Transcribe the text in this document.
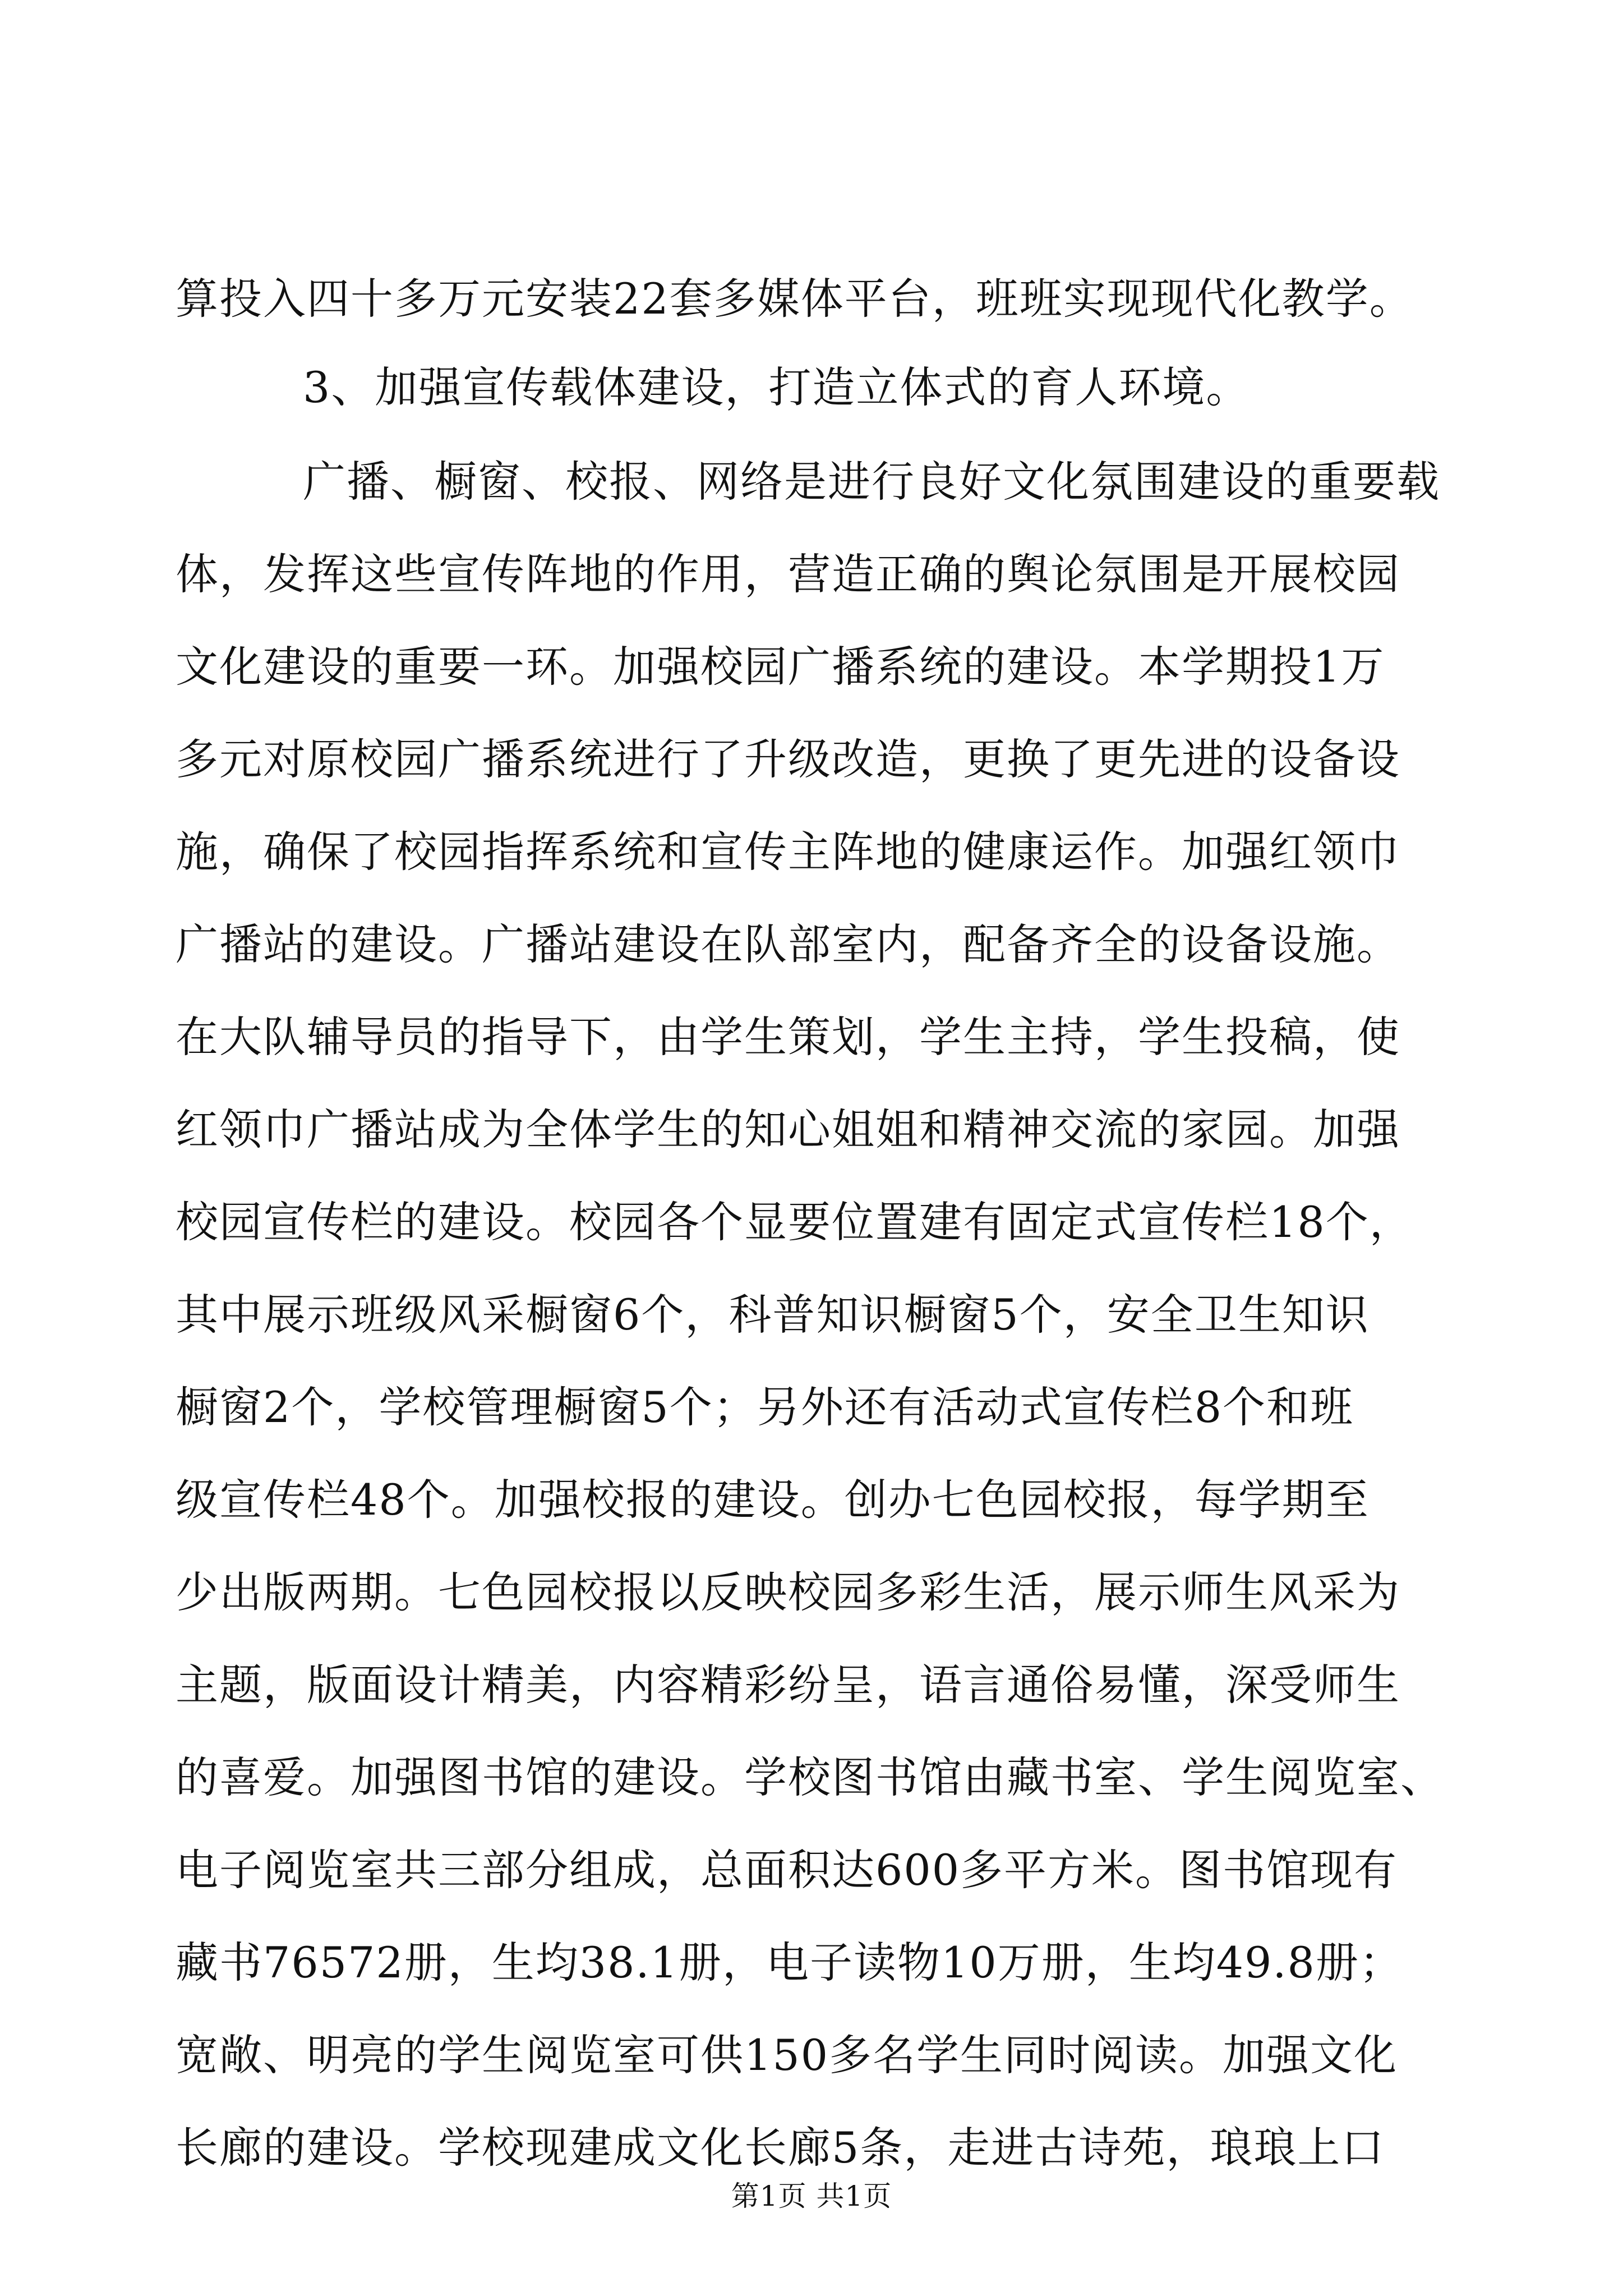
算投入四十多万元安装22套多媒体平台，班班实现现代化教学。
3、加强宣传载体建设，打造立体式的育人环境。
广播、橱窗、校报、网络是进行良好文化氛围建设的重要载
体，发挥这些宣传阵地的作用，营造正确的舆论氛围是开展校园
文化建设的重要一环。加强校园广播系统的建设。本学期投1万
多元对原校园广播系统进行了升级改造，更换了更先进的设备设
施，确保了校园指挥系统和宣传主阵地的健康运作。加强红领巾
广播站的建设。广播站建设在队部室内，配备齐全的设备设施。
在大队辅导员的指导下，由学生策划，学生主持，学生投稿，使
红领巾广播站成为全体学生的知心姐姐和精神交流的家园。加强
校园宣传栏的建设。校园各个显要位置建有固定式宣传栏18个，
其中展示班级风采橱窗6个，科普知识橱窗5个，安全卫生知识
橱窗2个，学校管理橱窗5个；另外还有活动式宣传栏8个和班
级宣传栏48个。加强校报的建设。创办七色园校报，每学期至
少出版两期。七色园校报以反映校园多彩生活，展示师生风采为
主题，版面设计精美，内容精彩纷呈，语言通俗易懂，深受师生
的喜爱。加强图书馆的建设。学校图书馆由藏书室、学生阅览室、
电子阅览室共三部分组成，总面积达600多平方米。图书馆现有
藏书76572册，生均38.1册，电子读物10万册，生均49.8册；
宽敞、明亮的学生阅览室可供150多名学生同时阅读。加强文化
长廊的建设。学校现建成文化长廊5条，走进古诗苑，琅琅上口
第1页 共1页
